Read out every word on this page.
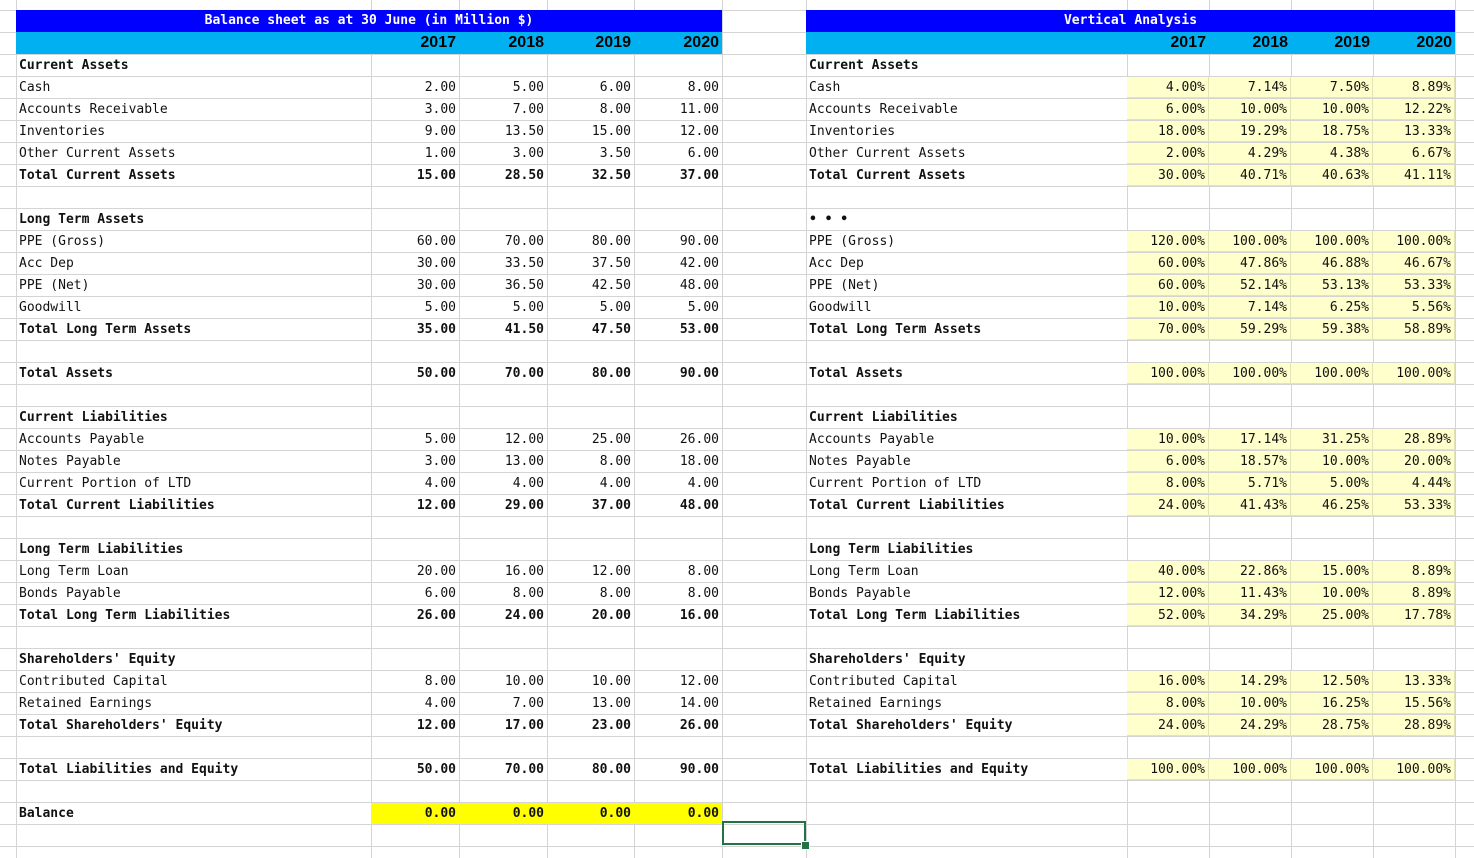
Balance sheet as at 30 June (in Million $)
2017	2018	2019	2020
Vertical Analysis
2017	2018	2019	2020
Current Assets
Cash	2.00	5.00	6.00	8.00
Accounts Receivable	3.00	7.00	8.00	11.00
Inventories	9.00	13.50	15.00	12.00
Other Current Assets	1.00	3.00	3.50	6.00
Total Current Assets	15.00	28.50	32.50	37.00
Long Term Assets
PPE (Gross)	60.00	70.00	80.00	90.00
Acc Dep	30.00	33.50	37.50	42.00
PPE (Net)	30.00	36.50	42.50	48.00
Goodwill	5.00	5.00	5.00	5.00
Total Long Term Assets	35.00	41.50	47.50	53.00
Total Assets	50.00	70.00	80.00	90.00
Current Liabilities
Accounts Payable	5.00	12.00	25.00	26.00
Notes Payable	3.00	13.00	8.00	18.00
Current Portion of LTD	4.00	4.00	4.00	4.00
Total Current Liabilities	12.00	29.00	37.00	48.00
Long Term Liabilities
Long Term Loan	20.00	16.00	12.00	8.00
Bonds Payable	6.00	8.00	8.00	8.00
Total Long Term Liabilities	26.00	24.00	20.00	16.00
Shareholders' Equity
Contributed Capital	8.00	10.00	10.00	12.00
Retained Earnings	4.00	7.00	13.00	14.00
Total Shareholders' Equity	12.00	17.00	23.00	26.00
Total Liabilities and Equity	50.00	70.00	80.00	90.00
Balance	0.00	0.00	0.00	0.00
Current Assets
Cash	4.00%	7.14%	7.50%	8.89%
Accounts Receivable	6.00%	10.00%	10.00%	12.22%
Inventories	18.00%	19.29%	18.75%	13.33%
Other Current Assets	2.00%	4.29%	4.38%	6.67%
Total Current Assets	30.00%	40.71%	40.63%	41.11%
• • •
PPE (Gross)	120.00%	100.00%	100.00%	100.00%
Acc Dep	60.00%	47.86%	46.88%	46.67%
PPE (Net)	60.00%	52.14%	53.13%	53.33%
Goodwill	10.00%	7.14%	6.25%	5.56%
Total Long Term Assets	70.00%	59.29%	59.38%	58.89%
Total Assets	100.00%	100.00%	100.00%	100.00%
Current Liabilities
Accounts Payable	10.00%	17.14%	31.25%	28.89%
Notes Payable	6.00%	18.57%	10.00%	20.00%
Current Portion of LTD	8.00%	5.71%	5.00%	4.44%
Total Current Liabilities	24.00%	41.43%	46.25%	53.33%
Long Term Liabilities
Long Term Loan	40.00%	22.86%	15.00%	8.89%
Bonds Payable	12.00%	11.43%	10.00%	8.89%
Total Long Term Liabilities	52.00%	34.29%	25.00%	17.78%
Shareholders' Equity
Contributed Capital	16.00%	14.29%	12.50%	13.33%
Retained Earnings	8.00%	10.00%	16.25%	15.56%
Total Shareholders' Equity	24.00%	24.29%	28.75%	28.89%
Total Liabilities and Equity	100.00%	100.00%	100.00%	100.00%
